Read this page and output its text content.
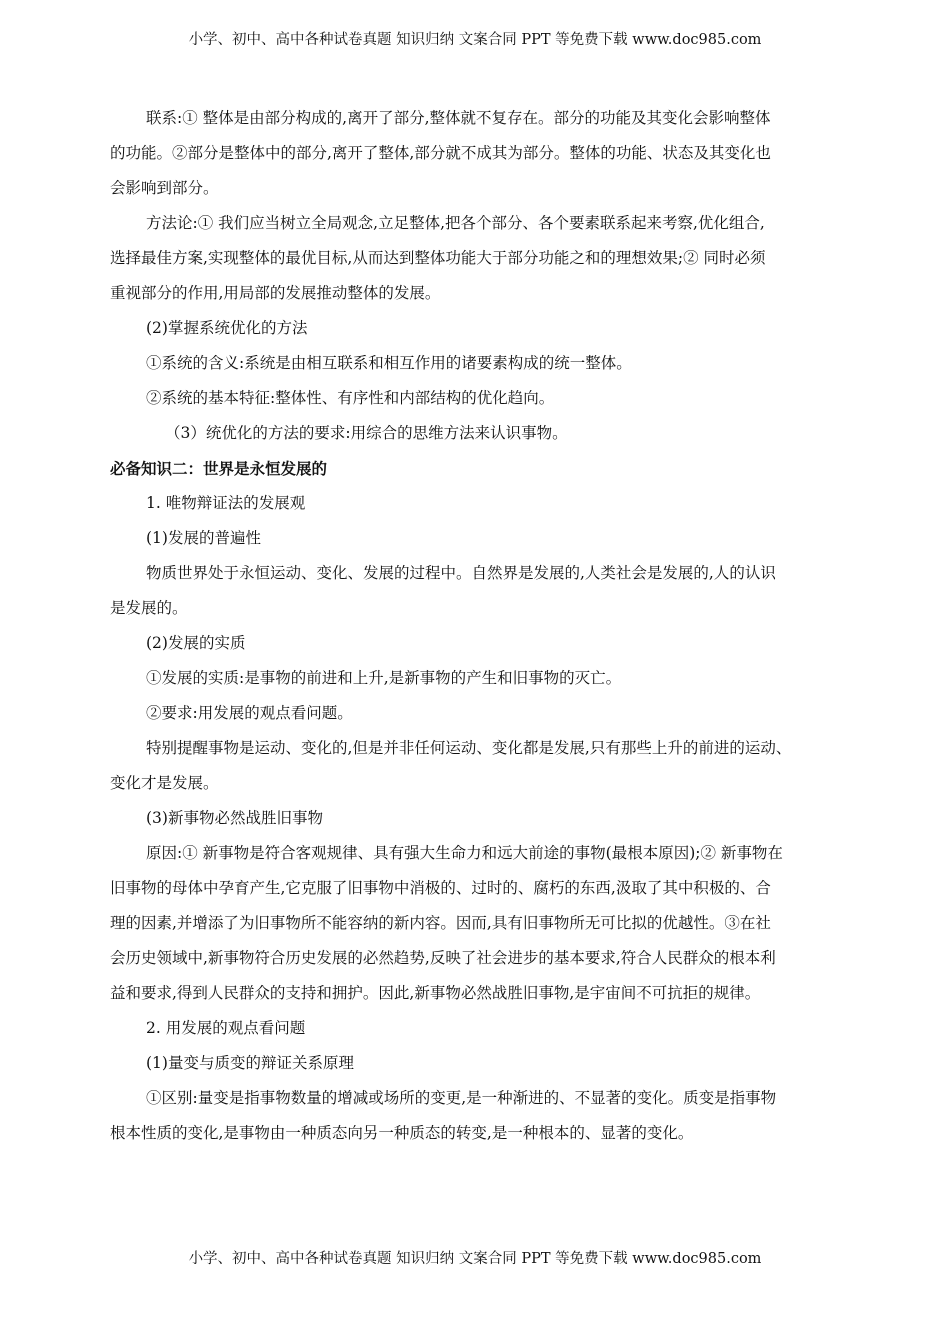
小学、初中、高中各种试卷真题 知识归纳 文案合同 PPT 等免费下载 www.doc985.com
联系:① 整体是由部分构成的,离开了部分,整体就不复存在。部分的功能及其变化会影响整体
的功能。②部分是整体中的部分,离开了整体,部分就不成其为部分。整体的功能、状态及其变化也
会影响到部分。
方法论:① 我们应当树立全局观念,立足整体,把各个部分、各个要素联系起来考察,优化组合,
选择最佳方案,实现整体的最优目标,从而达到整体功能大于部分功能之和的理想效果;② 同时必须
重视部分的作用,用局部的发展推动整体的发展。
(2)掌握系统优化的方法
①系统的含义:系统是由相互联系和相互作用的诸要素构成的统一整体。
②系统的基本特征:整体性、有序性和内部结构的优化趋向。
（3）统优化的方法的要求:用综合的思维方法来认识事物。
必备知识二：世界是永恒发展的
1. 唯物辩证法的发展观
(1)发展的普遍性
物质世界处于永恒运动、变化、发展的过程中。自然界是发展的,人类社会是发展的,人的认识
是发展的。
(2)发展的实质
①发展的实质:是事物的前进和上升,是新事物的产生和旧事物的灭亡。
②要求:用发展的观点看问题。
特别提醒事物是运动、变化的,但是并非任何运动、变化都是发展,只有那些上升的前进的运动、
变化才是发展。
(3)新事物必然战胜旧事物
原因:① 新事物是符合客观规律、具有强大生命力和远大前途的事物(最根本原因);② 新事物在
旧事物的母体中孕育产生,它克服了旧事物中消极的、过时的、腐朽的东西,汲取了其中积极的、合
理的因素,并增添了为旧事物所不能容纳的新内容。因而,具有旧事物所无可比拟的优越性。③在社
会历史领域中,新事物符合历史发展的必然趋势,反映了社会进步的基本要求,符合人民群众的根本利
益和要求,得到人民群众的支持和拥护。因此,新事物必然战胜旧事物,是宇宙间不可抗拒的规律。
2. 用发展的观点看问题
(1)量变与质变的辩证关系原理
①区别:量变是指事物数量的增减或场所的变更,是一种渐进的、不显著的变化。质变是指事物
根本性质的变化,是事物由一种质态向另一种质态的转变,是一种根本的、显著的变化。
小学、初中、高中各种试卷真题 知识归纳 文案合同 PPT 等免费下载 www.doc985.com
